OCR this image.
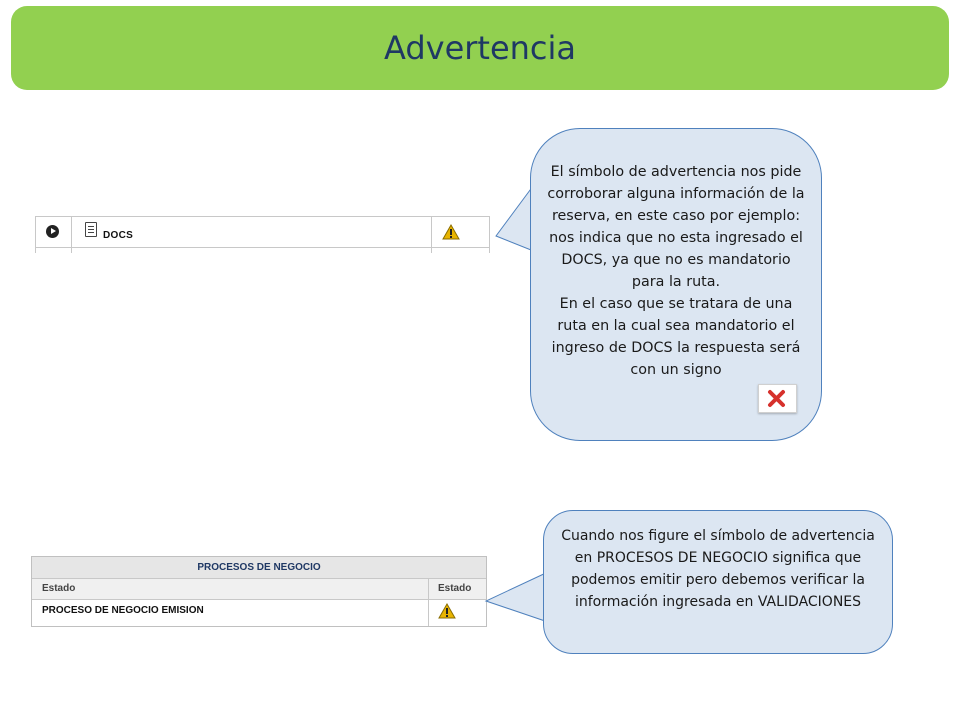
Advertencia
DOCS
El símbolo de advertencia nos pide corroborar alguna información de la reserva, en este caso por ejemplo: nos indica que no esta ingresado el DOCS, ya que no es mandatorio para la ruta.
En el caso que se tratara de una ruta en la cual sea mandatorio el ingreso de DOCS la respuesta será con un signo
PROCESOS DE NEGOCIO
Estado	Estado
PROCESO DE NEGOCIO EMISION
Cuando nos figure el símbolo de advertencia en PROCESOS DE NEGOCIO significa que podemos emitir pero debemos verificar la información ingresada en VALIDACIONES
